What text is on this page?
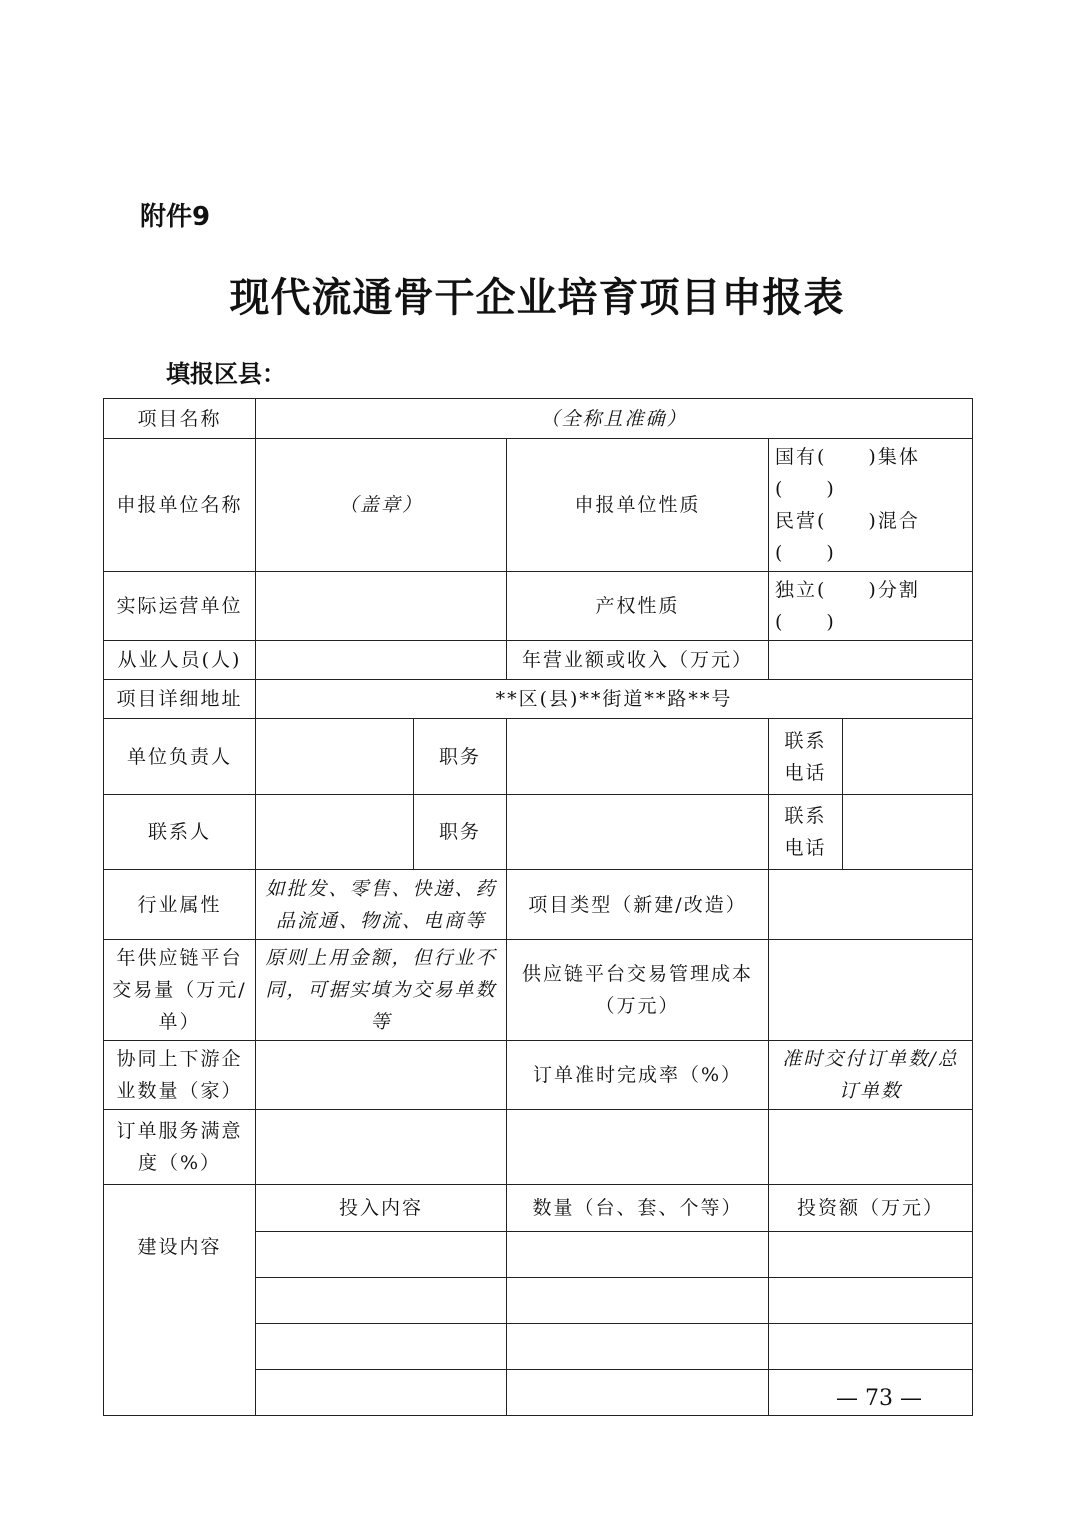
附件9
现代流通骨干企业培育项目申报表
填报区县：
项目名称	（全称且准确）				
申报单位名称	（盖章）		申报单位性质	国有(　　)集体(　　)
民营(　　)混合(　　)	

实际运营单位			产权性质	独立(　　)分割(　　)	
从业人员(人)			年营业额或收入（万元）		
项目详细地址	**区(县)**街道**路**号				
单位负责人		职务		联系电话	
联系人		职务		联系电话	
行业属性	如批发、零售、快递、药品流通、物流、电商等		项目类型（新建/改造）		
年供应链平台交易量（万元/单）	原则上用金额，但行业不同，可据实填为交易单数等		供应链平台交易管理成本（万元）		
协同上下游企业数量（家）			订单准时完成率（%）	准时交付订单数/总订单数	
订单服务满意度（%）					
建设内容	投入内容		数量（台、套、个等）	投资额（万元）	

— 73 —
